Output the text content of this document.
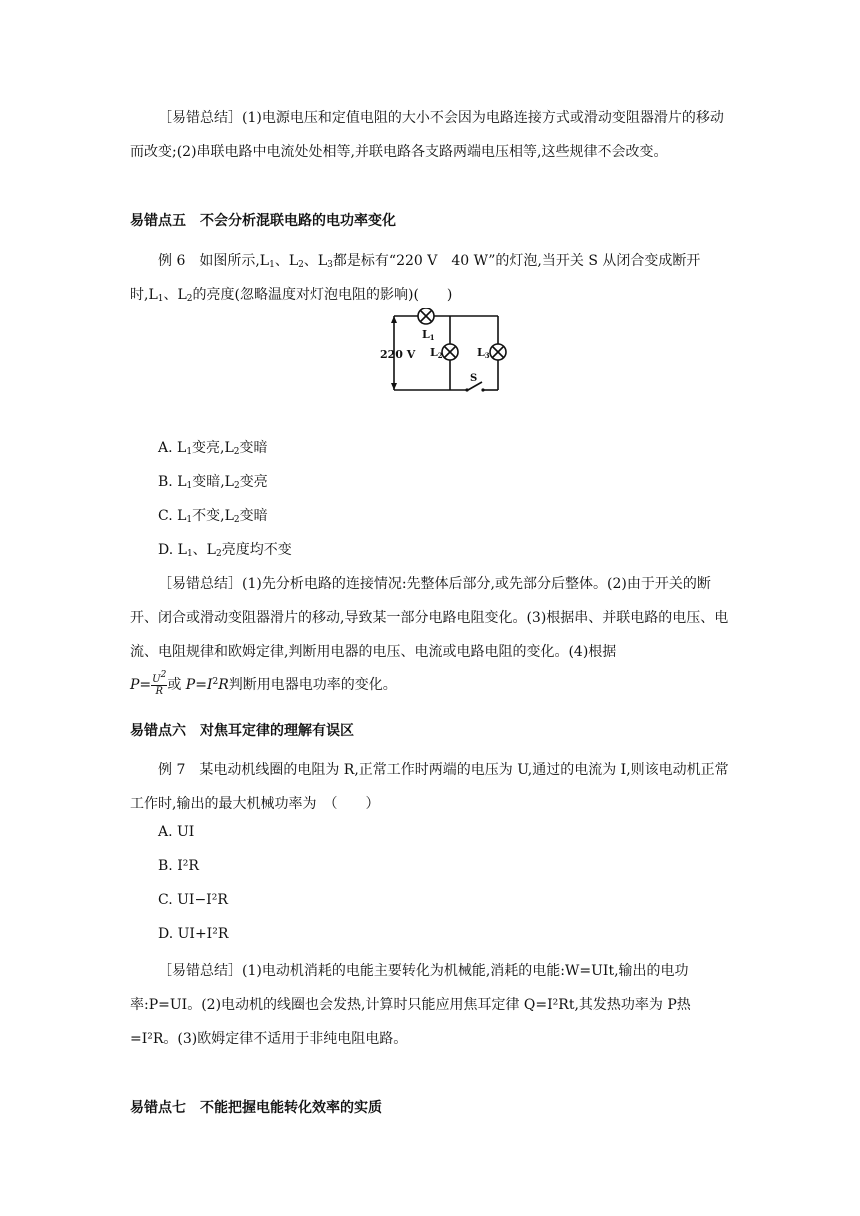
［易错总结］(1)电源电压和定值电阻的大小不会因为电路连接方式或滑动变阻器滑片的移动而改变;(2)串联电路中电流处处相等,并联电路各支路两端电压相等,这些规律不会改变。

易错点五　不会分析混联电路的电功率变化

例 6　如图所示$,L_1$、$L_2$、$L_3$都是标有“220 V　40 W”的灯泡,当开关 S 从闭合变成断开时$,L_1$、$L_2$的亮度(忽略温度对灯泡电阻的影响)(　　)

220 V
L1
L2	L3
S

A. $L_1$变亮$,L_2$变暗

B. $L_1$变暗$,L_2$变亮

C. $L_1$不变$,L_2$变暗

D. $L_1$、$L_2$亮度均不变

［易错总结］(1)先分析电路的连接情况:先整体后部分,或先部分后整体。(2)由于开关的断开、闭合或滑动变阻器滑片的移动,导致某一部分电路电阻变化。(3)根据串、并联电路的电压、电流、电阻规律和欧姆定律,判断用电器的电压、电流或电路电阻的变化。(4)根据

$P= \frac{U^2}{R}$ 或 $P=I^2R$判断用电器电功率的变化。

易错点六　对焦耳定律的理解有误区

例 7　某电动机线圈的电阻为 R,正常工作时两端的电压为 U,通过的电流为 I,则该电动机正常工作时,输出的最大机械功率为　（　　）

A. UI

B. I²R

C. UI−I²R

D. UI+I²R

［易错总结］(1)电动机消耗的电能主要转化为机械能,消耗的电能:W=UIt,输出的电功率:P=UI。(2)电动机的线圈也会发热,计算时只能应用焦耳定律 Q=I²Rt,其发热功率为 P热=I²R。(3)欧姆定律不适用于非纯电阻电路。

易错点七　不能把握电能转化效率的实质
